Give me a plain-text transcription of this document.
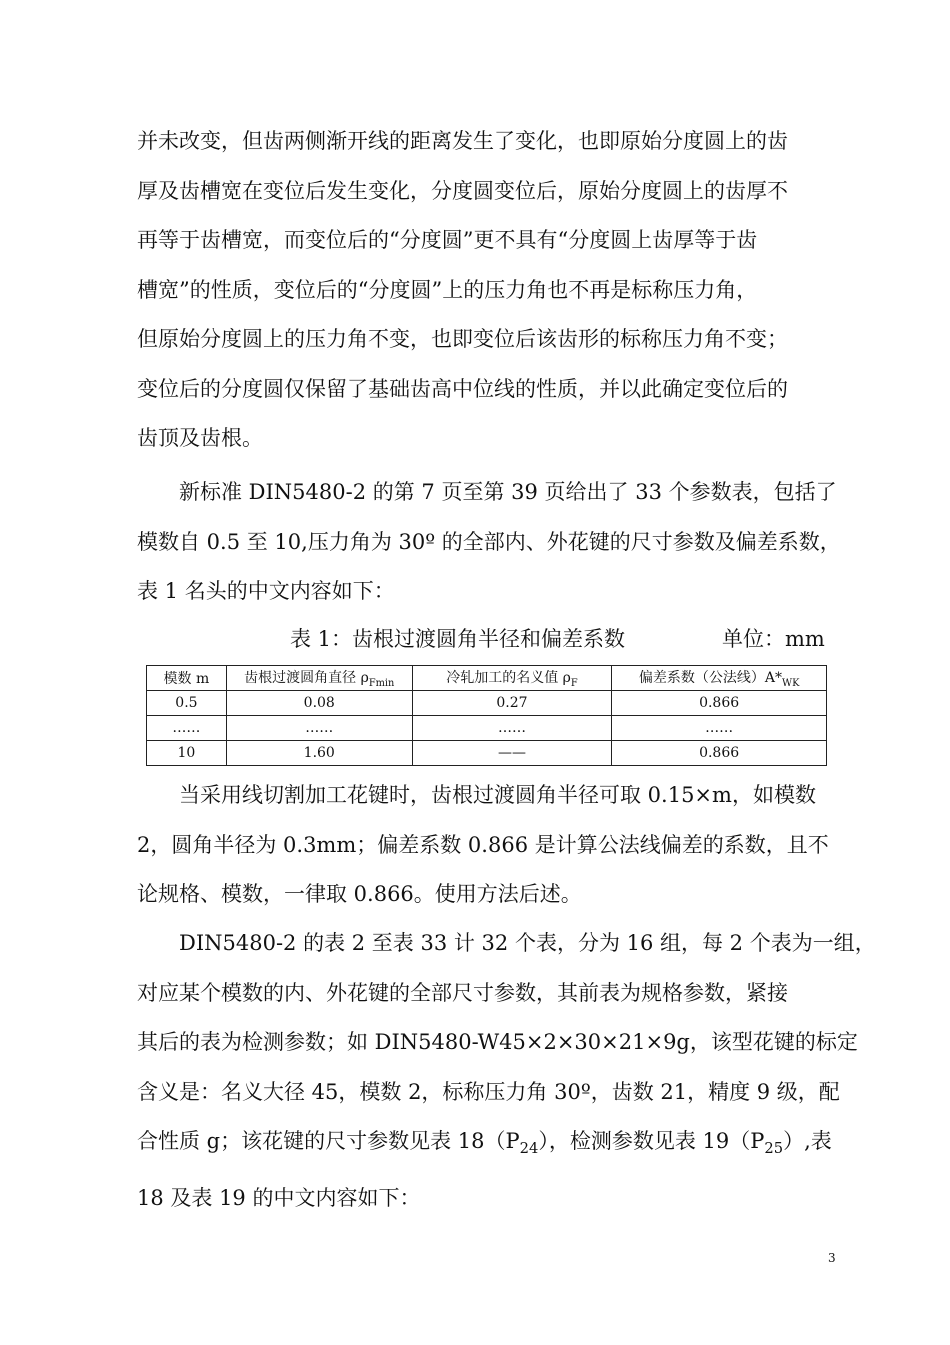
并未改变，但齿两侧渐开线的距离发生了变化，也即原始分度圆上的齿
厚及齿槽宽在变位后发生变化，分度圆变位后，原始分度圆上的齿厚不
再等于齿槽宽，而变位后的“分度圆”更不具有“分度圆上齿厚等于齿
槽宽”的性质，变位后的“分度圆”上的压力角也不再是标称压力角，
但原始分度圆上的压力角不变，也即变位后该齿形的标称压力角不变；
变位后的分度圆仅保留了基础齿高中位线的性质，并以此确定变位后的
齿顶及齿根。
新标准 DIN5480-2 的第 7 页至第 39 页给出了 33 个参数表，包括了
模数自 0.5 至 10,压力角为 30º 的全部内、外花键的尺寸参数及偏差系数，
表 1 名头的中文内容如下：
表 1：齿根过渡圆角半径和偏差系数	单位：mm
模数 m	齿根过渡圆角直径 $\rho_{Fmin}$	冷轧加工的名义值 $\rho_F$	偏差系数（公法线）$A*_{WK}$
0.5	0.08	0.27	0.866
……	……	……	……
10	1.60	——	0.866
当采用线切割加工花键时，齿根过渡圆角半径可取 0.15×m，如模数
2，圆角半径为 0.3mm；偏差系数 0.866 是计算公法线偏差的系数，且不
论规格、模数，一律取 0.866。使用方法后述。
DIN5480-2 的表 2 至表 33 计 32 个表，分为 16 组，每 2 个表为一组，
对应某个模数的内、外花键的全部尺寸参数，其前表为规格参数，紧接
其后的表为检测参数；如 DIN5480-W45×2×30×21×9g，该型花键的标定
含义是：名义大径 45，模数 2，标称压力角 30º，齿数 21，精度 9 级，配
合性质 g；该花键的尺寸参数见表 $18(P_{24})$，检测参数见表 $19(P_{25})$,表
18 及表 19 的中文内容如下：
3
